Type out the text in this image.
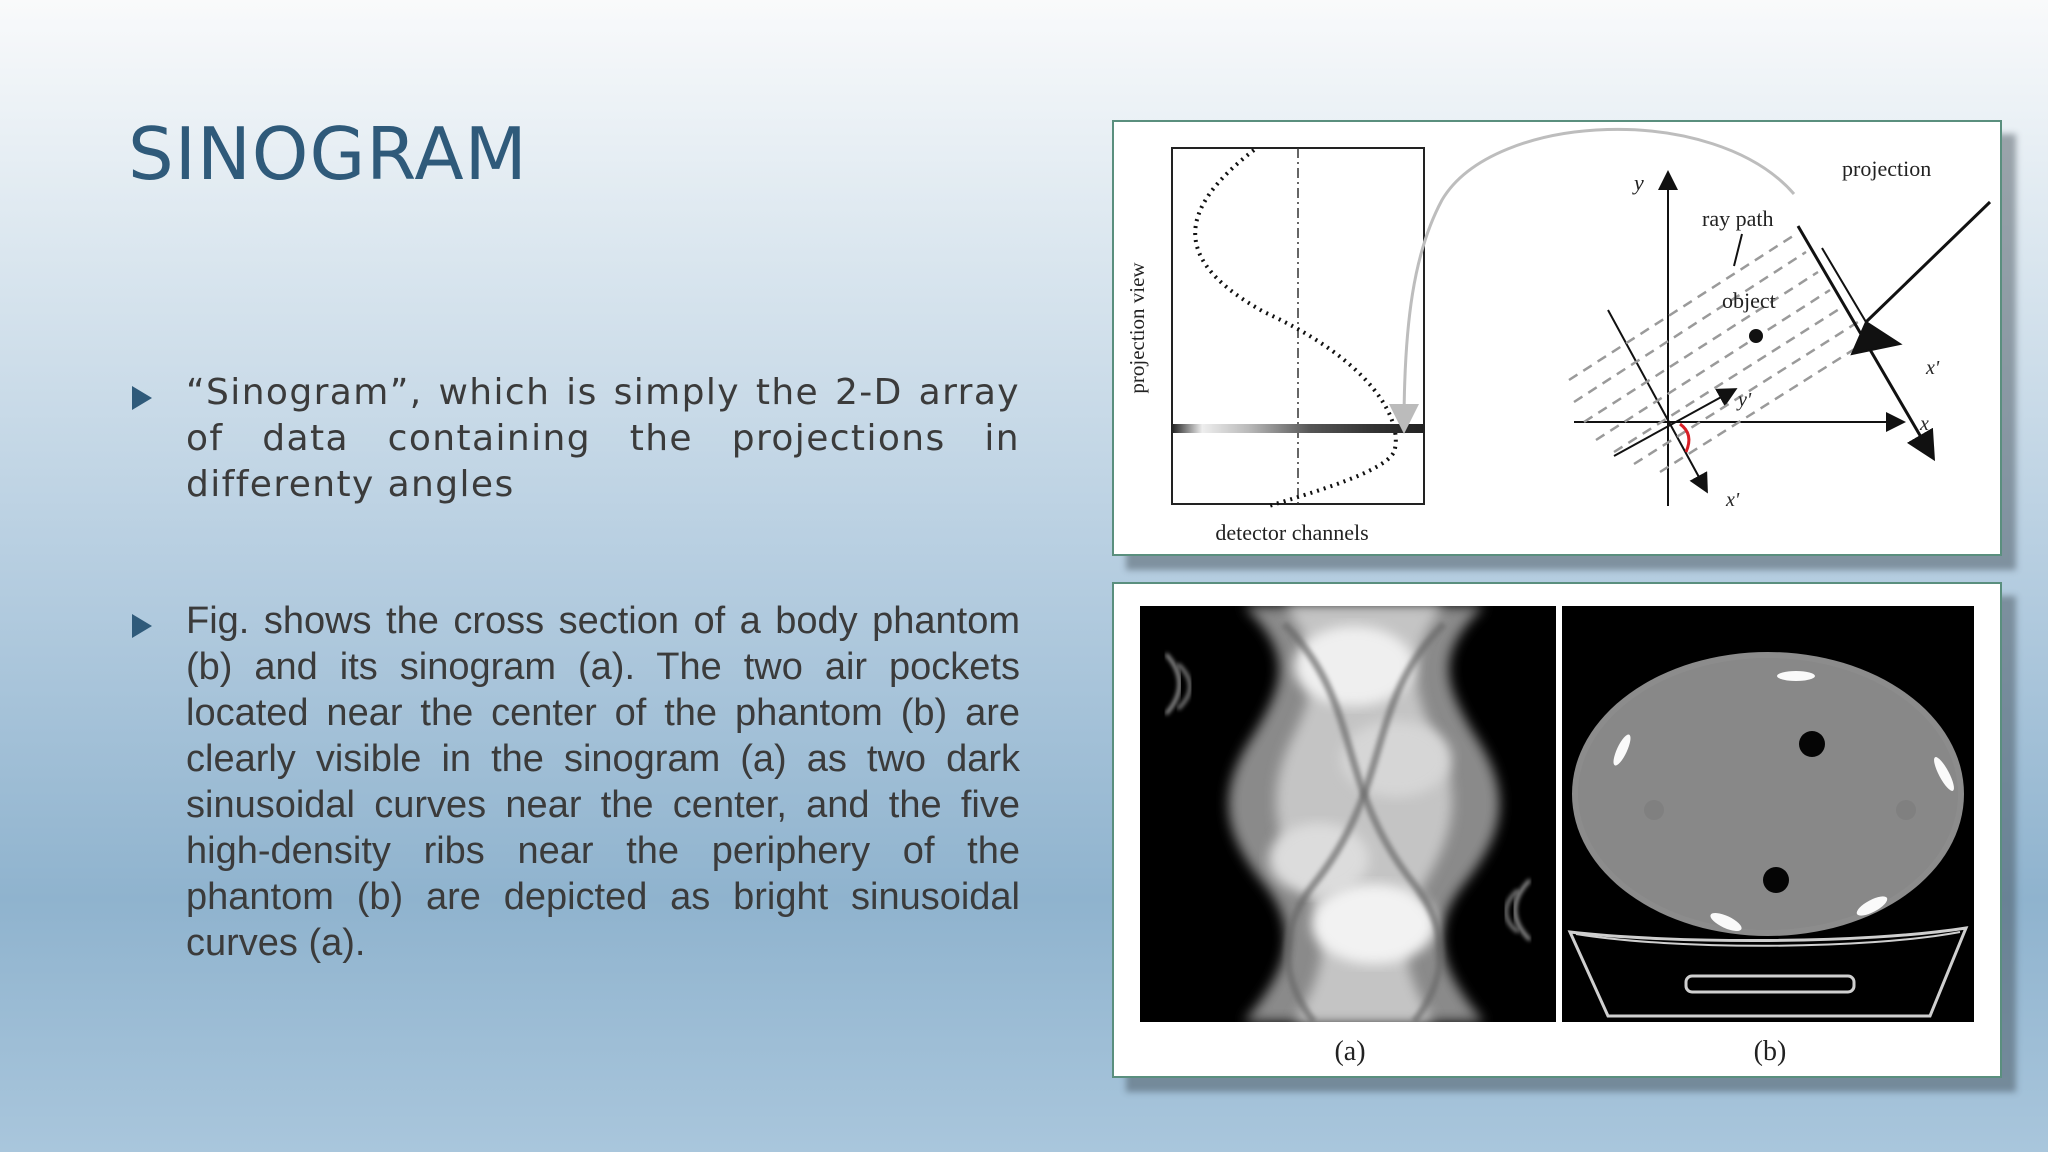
SINOGRAM
“Sinogram”, which is simply the 2-D array of data containing the projections in differenty angles
Fig. shows the cross section of a body phantom (b) and its sinogram (a). The two air pockets located near the center of the phantom (b) are clearly visible in the sinogram (a) as two dark sinusoidal curves near the center, and the five high-density ribs near the periphery of the phantom (b) are depicted as bright sinusoidal curves (a).
projection view
detector channels
y
projection
ray path
object
y'
x
x'
x'
(a)	(b)
